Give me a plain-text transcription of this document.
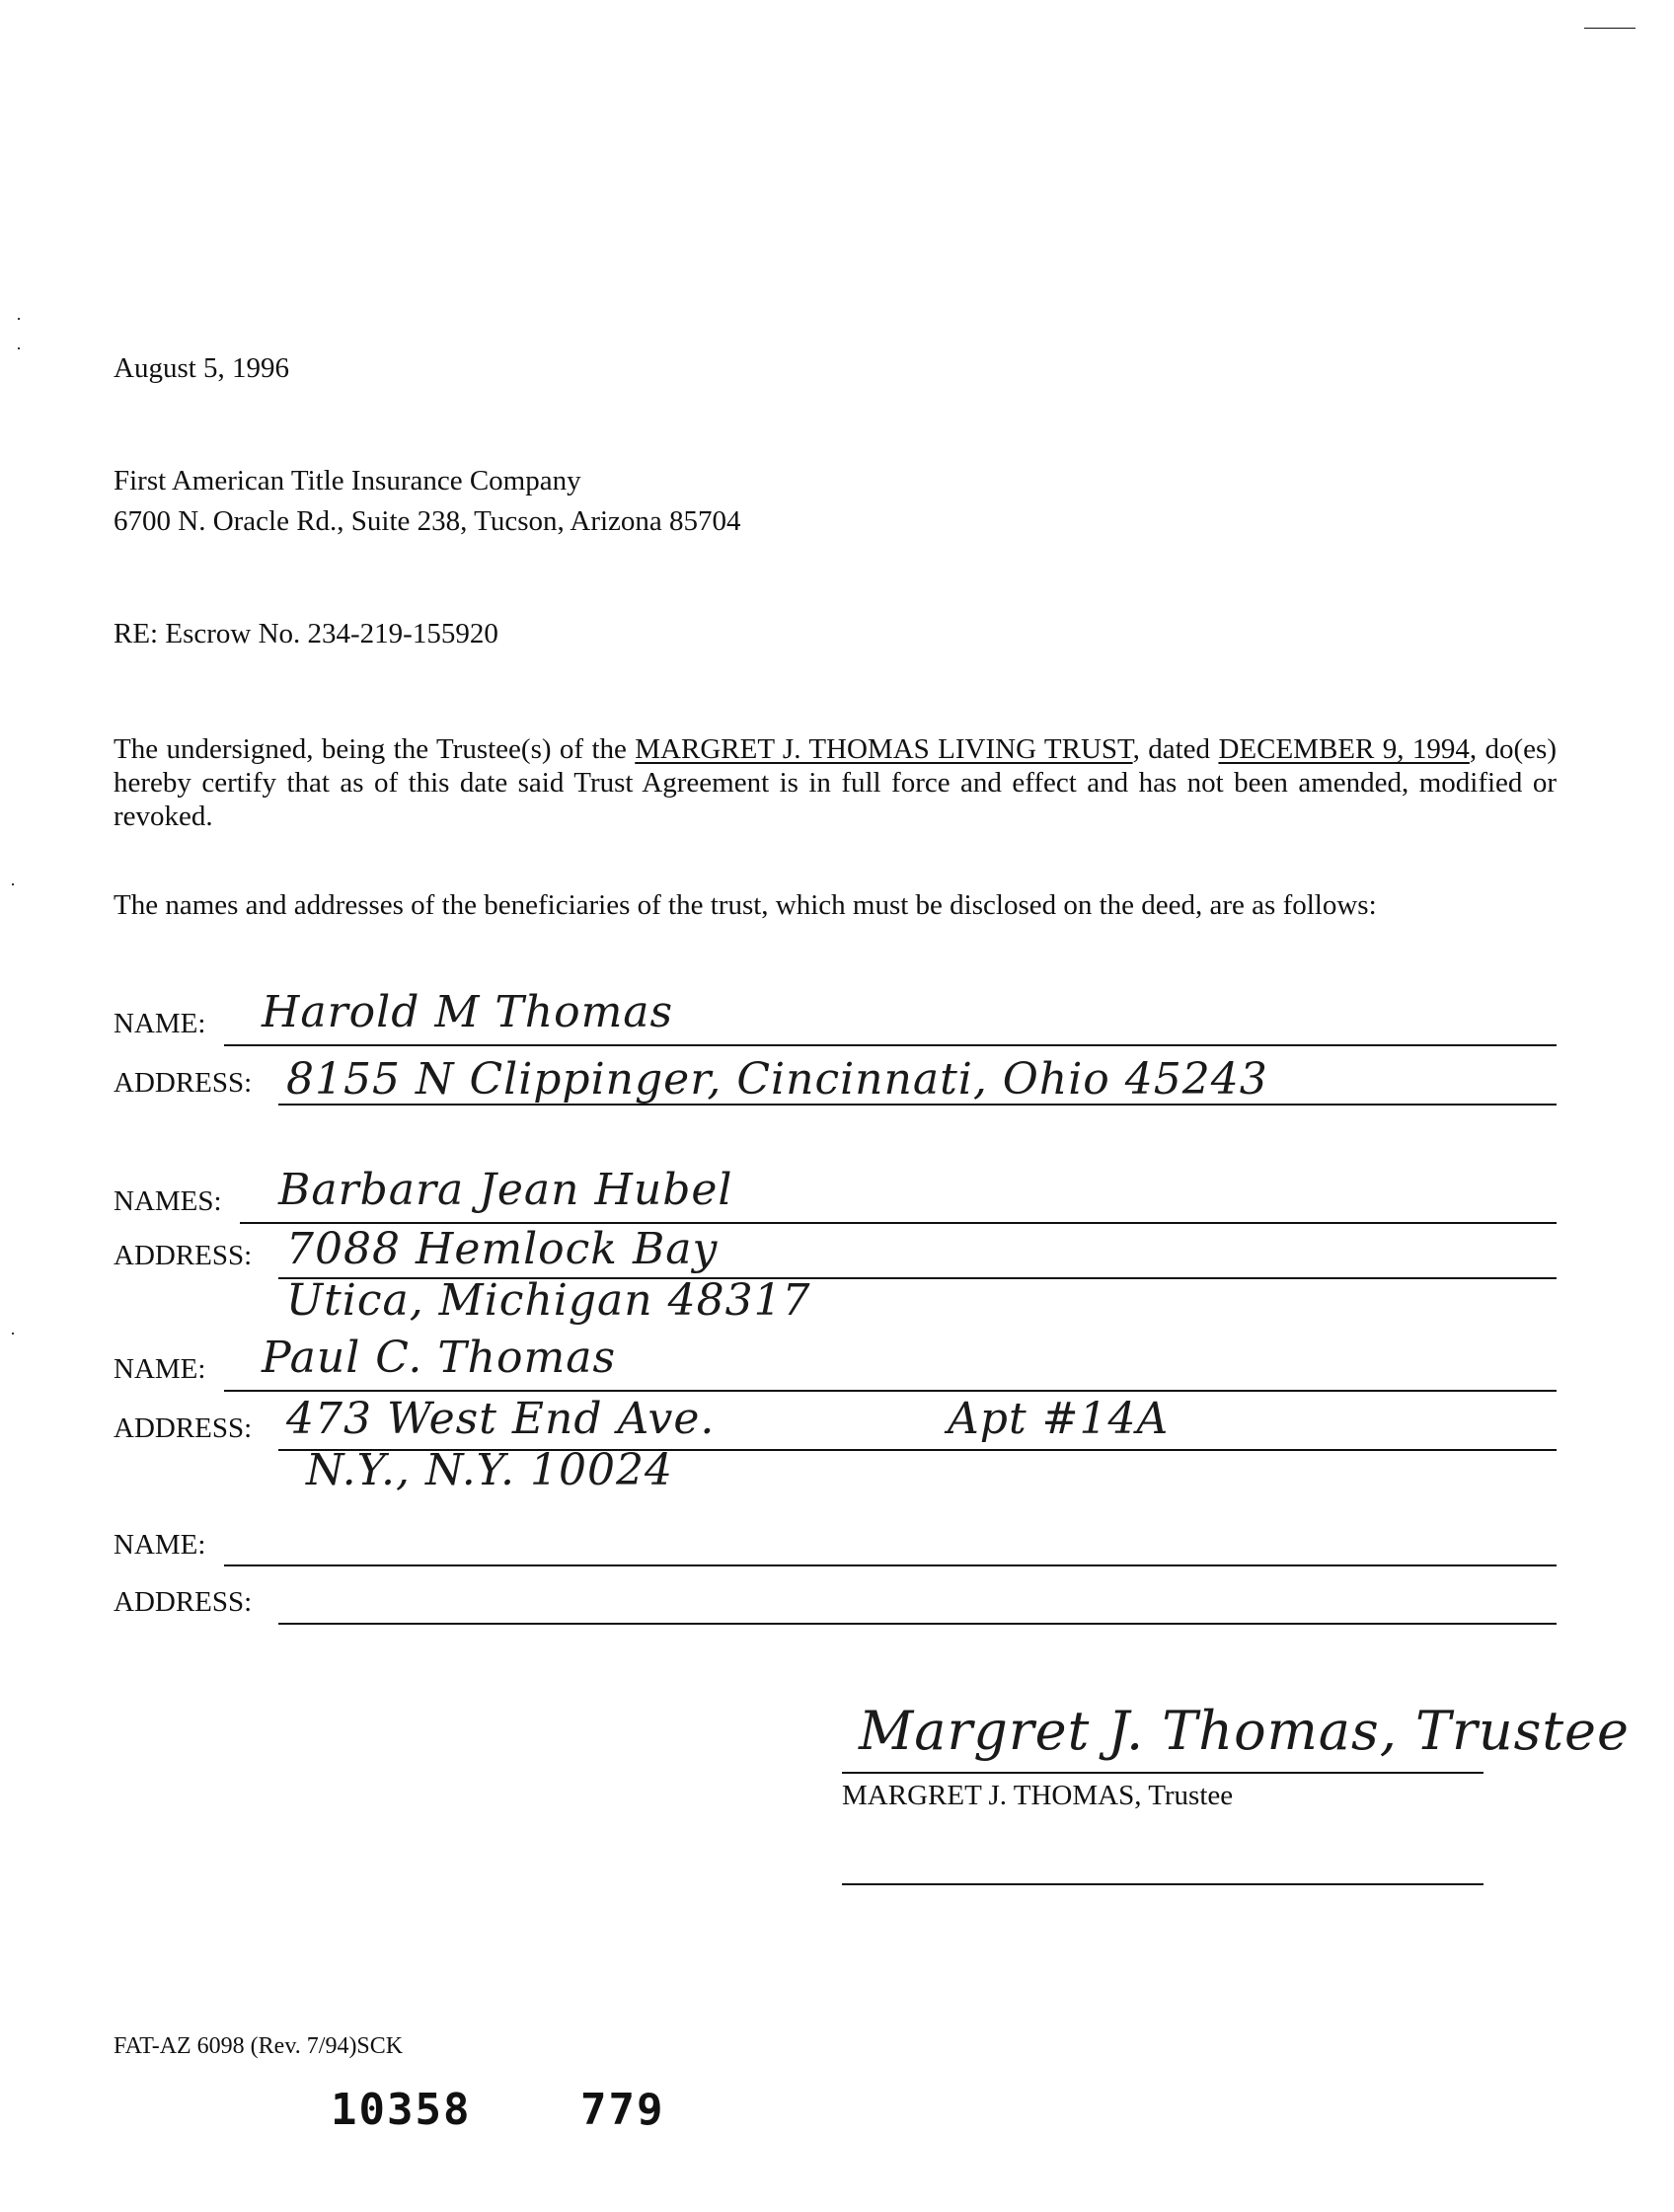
August 5, 1996
First American Title Insurance Company
6700 N. Oracle Rd., Suite 238, Tucson, Arizona 85704
RE: Escrow No. 234-219-155920
The undersigned, being the Trustee(s) of the MARGRET J. THOMAS LIVING TRUST, dated DECEMBER 9, 1994, do(es) hereby certify that as of this date said Trust Agreement is in full force and effect and has not been amended, modified or revoked.
The names and addresses of the beneficiaries of the trust, which must be disclosed on the deed, are as follows:
NAME: Harold M Thomas
ADDRESS: 8155 N Clippinger, Cincinnati, Ohio 45243
NAMES: Barbara Jean Hubel
ADDRESS: 7088 Hemlock Bay
Utica, Michigan 48317
NAME: Paul C. Thomas
ADDRESS: 473 West End Ave.	Apt #14A
N.Y., N.Y. 10024
NAME:
ADDRESS:
Margret J. Thomas, Trustee
MARGRET J. THOMAS, Trustee
FAT-AZ 6098 (Rev. 7/94)SCK
10358	779
